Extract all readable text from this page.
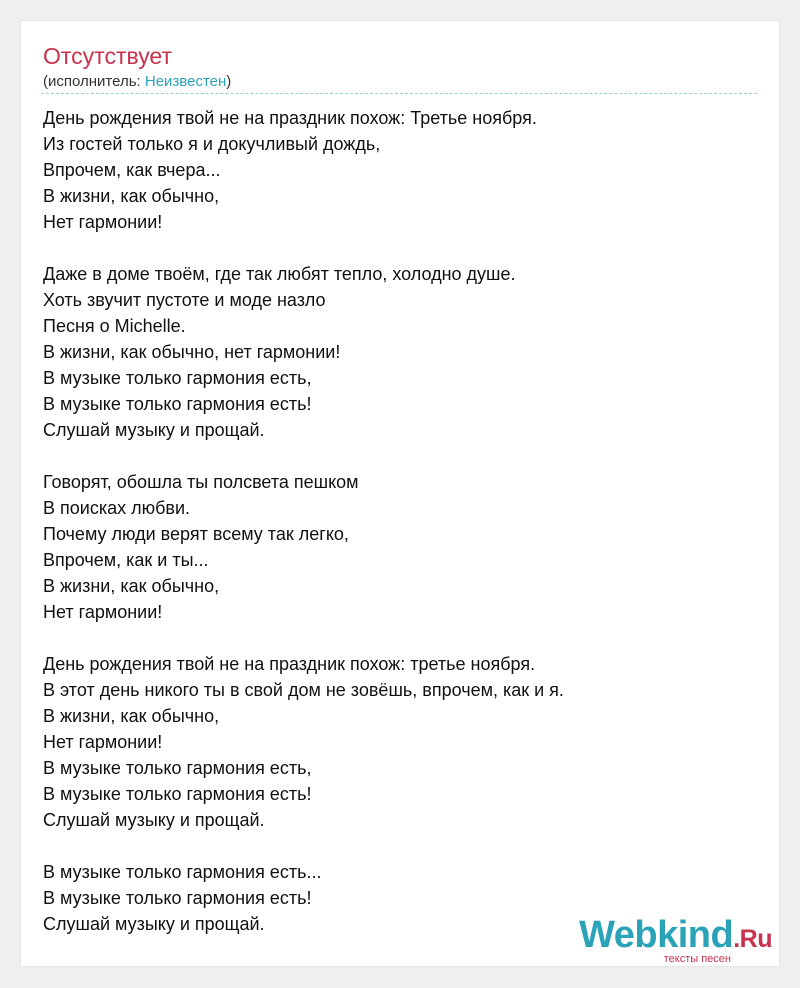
Отсутствует
(исполнитель: Неизвестен)
День рождения твой не на праздник похож: Третье ноября.
Из гостей только я и докучливый дождь,
Впрочем, как вчера...
В жизни, как обычно,
Нет гармонии!
Даже в доме твоём, где так любят тепло, холодно душе.
Хоть звучит пустоте и моде назло
Песня о Michelle.
В жизни, как обычно, нет гармонии!
В музыке только гармония есть,
В музыке только гармония есть!
Слушай музыку и прощай.
Говорят, обошла ты полсвета пешком
В поисках любви.
Почему люди верят всему так легко,
Впрочем, как и ты...
В жизни, как обычно,
Нет гармонии!
День рождения твой не на праздник похож: третье ноября.
В этот день никого ты в свой дом не зовёшь, впрочем, как и я.
В жизни, как обычно,
Нет гармонии!
В музыке только гармония есть,
В музыке только гармония есть!
Слушай музыку и прощай.
В музыке только гармония есть...
В музыке только гармония есть!
Слушай музыку и прощай.	Webkind.Ru
тексты песен
